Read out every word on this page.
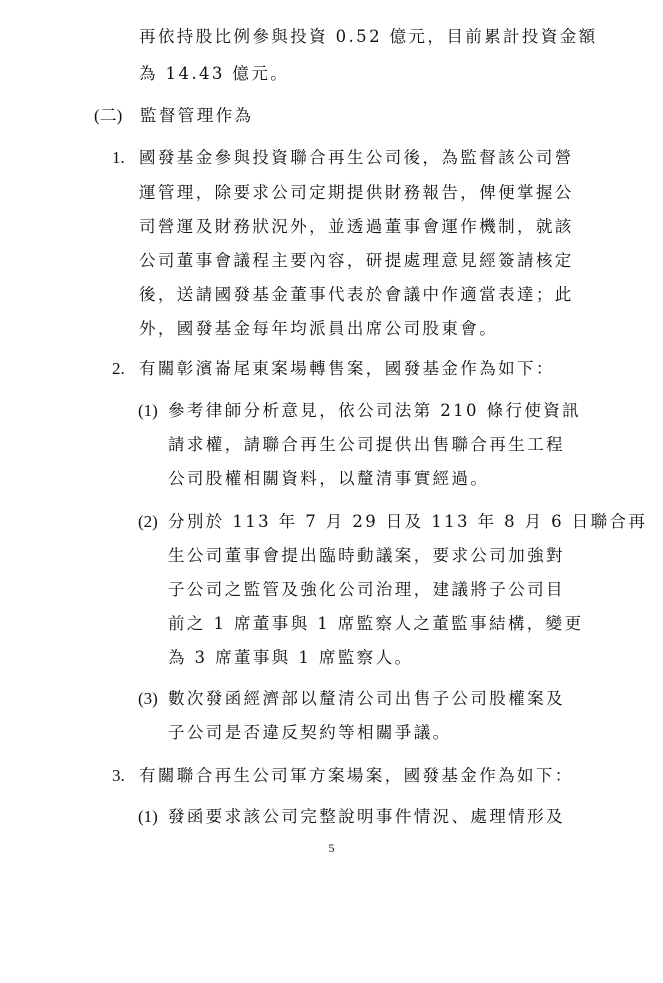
再依持股比例參與投資 0.52 億元，目前累計投資金額
為 14.43 億元。
(二) 監督管理作為
1. 國發基金參與投資聯合再生公司後，為監督該公司營
運管理，除要求公司定期提供財務報告，俾便掌握公
司營運及財務狀況外，並透過董事會運作機制，就該
公司董事會議程主要內容，研提處理意見經簽請核定
後，送請國發基金董事代表於會議中作適當表達；此
外，國發基金每年均派員出席公司股東會。
2. 有關彰濱崙尾東案場轉售案，國發基金作為如下：
(1) 參考律師分析意見，依公司法第 210 條行使資訊
請求權，請聯合再生公司提供出售聯合再生工程
公司股權相關資料，以釐清事實經過。
(2) 分別於 113 年 7 月 29 日及 113 年 8 月 6 日聯合再
生公司董事會提出臨時動議案，要求公司加強對
子公司之監管及強化公司治理，建議將子公司目
前之 1 席董事與 1 席監察人之董監事結構，變更
為 3 席董事與 1 席監察人。
(3) 數次發函經濟部以釐清公司出售子公司股權案及
子公司是否違反契約等相關爭議。
3. 有關聯合再生公司軍方案場案，國發基金作為如下：
(1) 發函要求該公司完整說明事件情況、處理情形及
5
